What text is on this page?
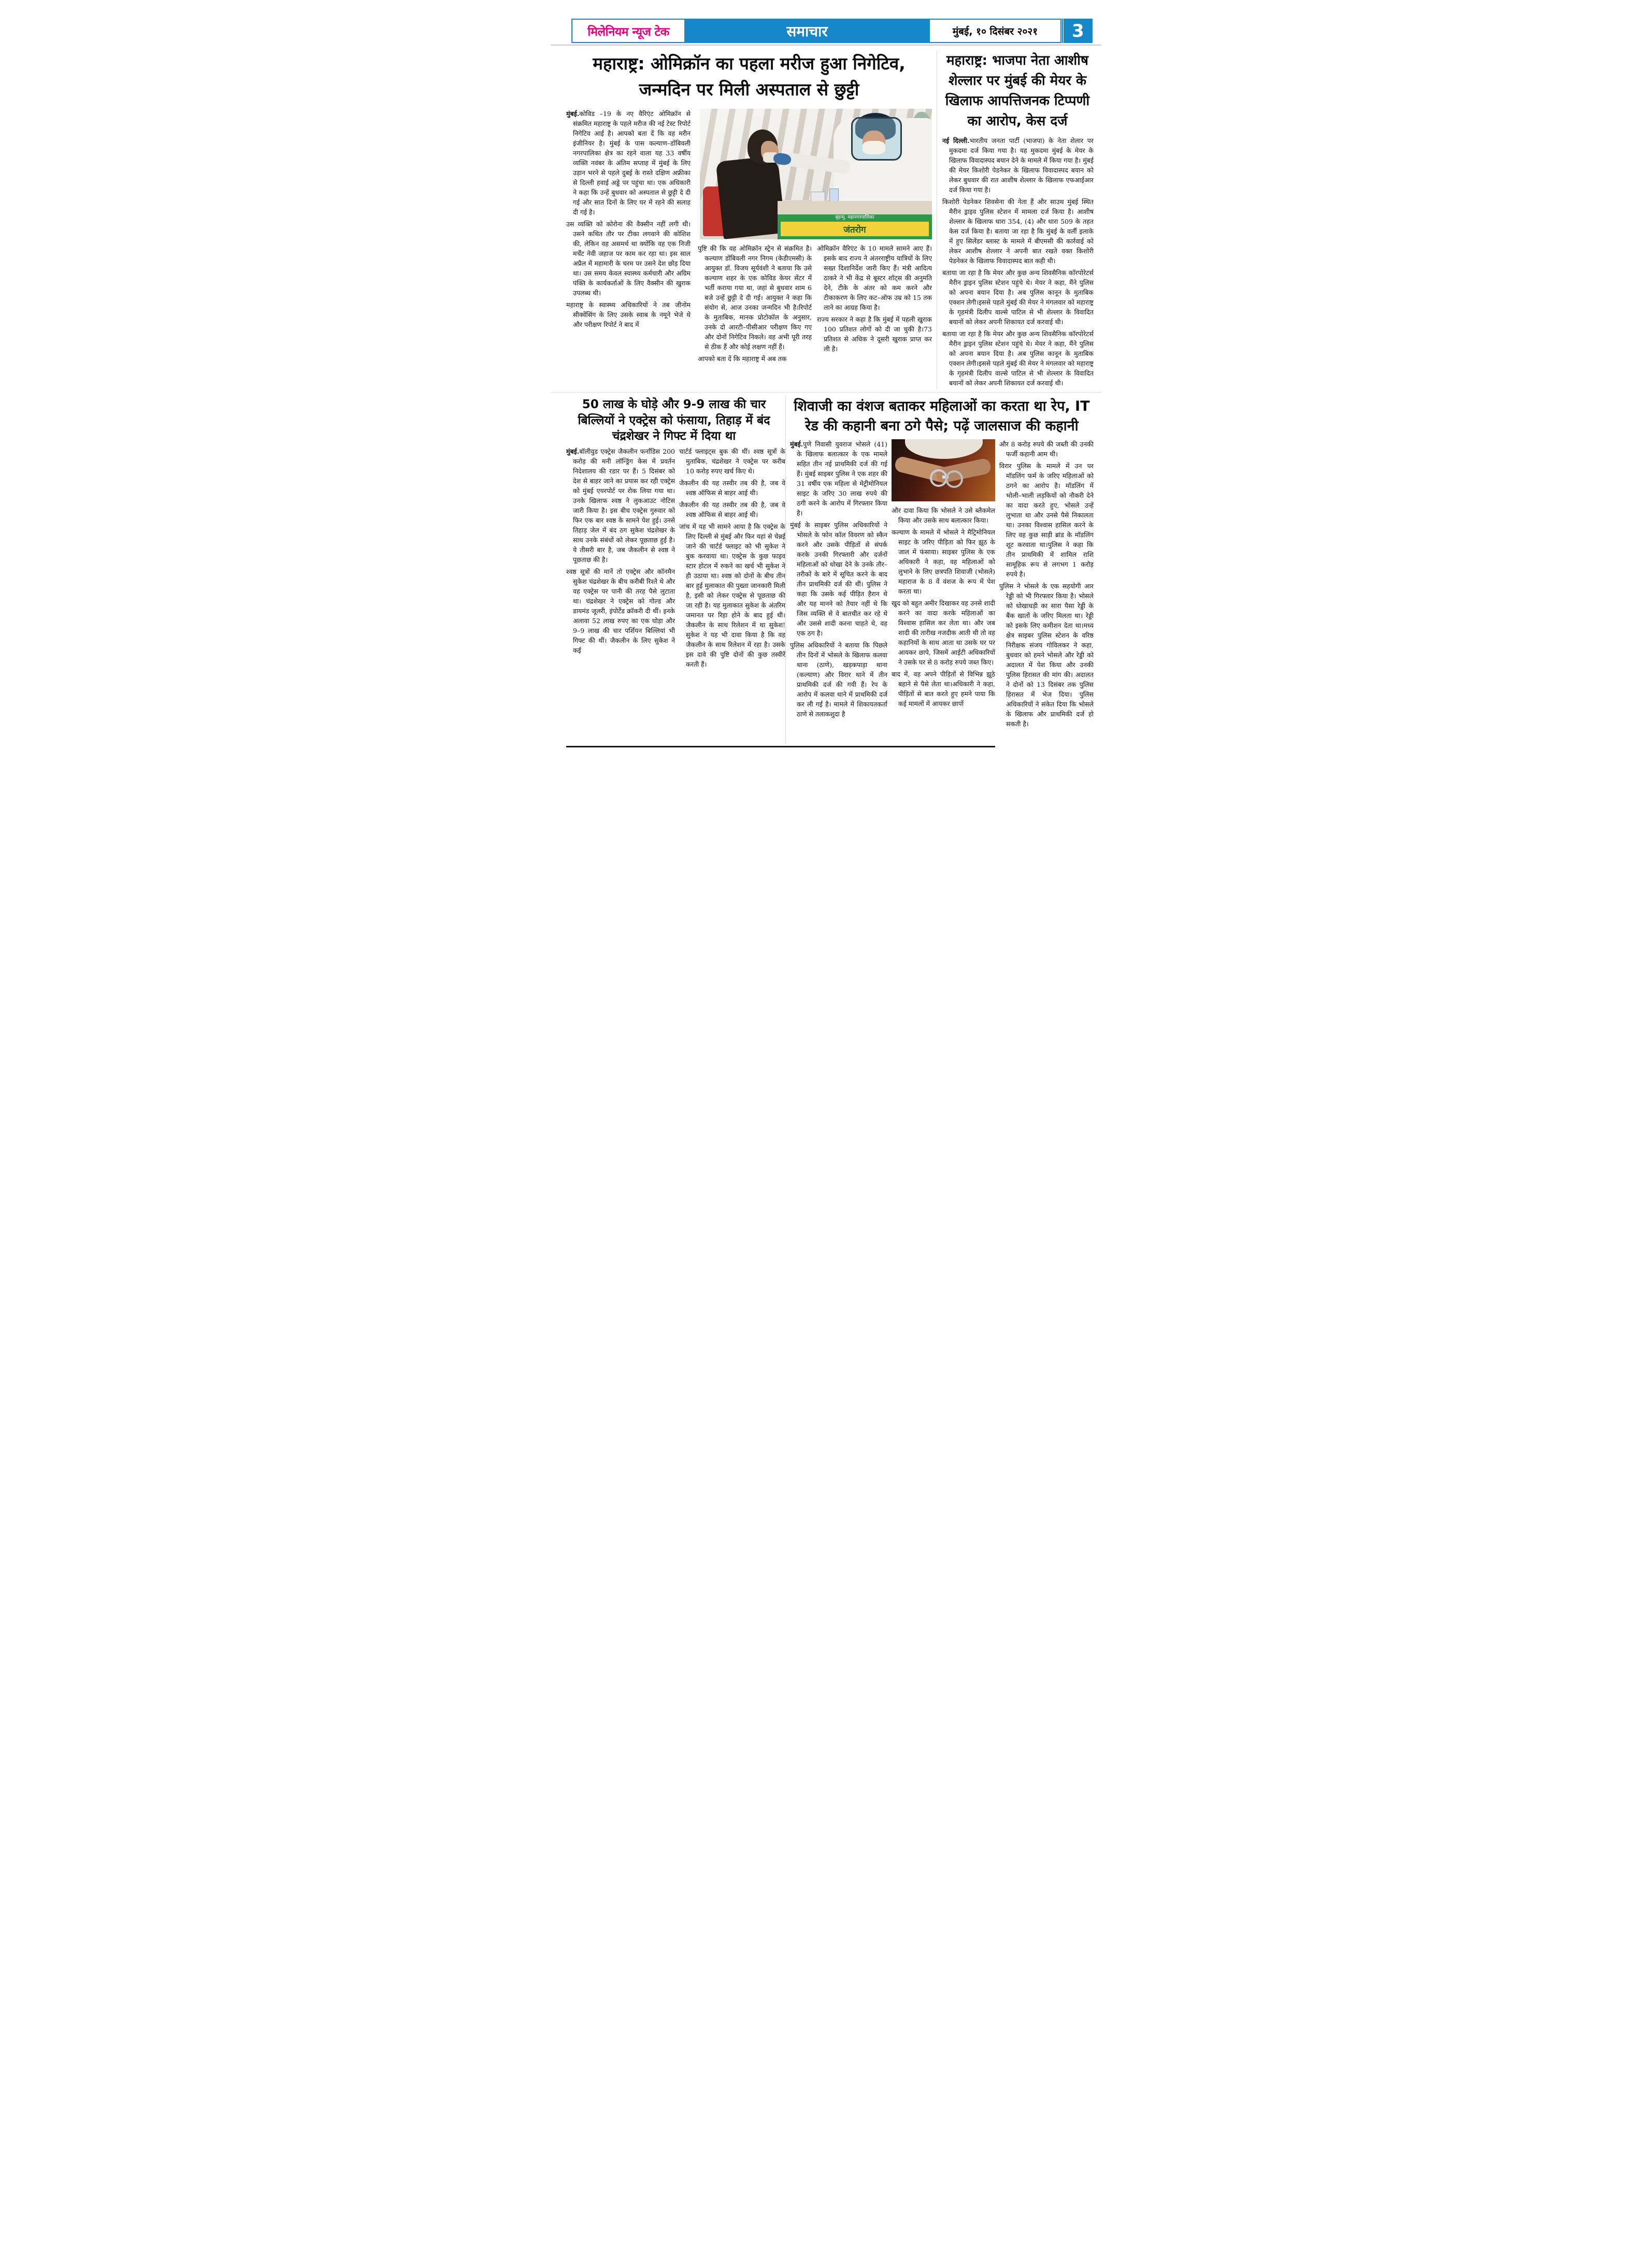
मिलेनियम न्यूज टेक	समाचार	मुंबई, १० दिसंबर २०२१ 3
महाराष्ट्र: ओमिक्रॉन का पहला मरीज हुआ निगेटिव, जन्मदिन पर मिली अस्पताल से छुट्टी
बृहन्मु. महानगरपालिका
जंतरोग

मुंबई.कोविड –19 के नए वैरिएंट ओमिक्रॉन से संक्रमित महाराष्ट्र के पहले मरीज की नई टेस्ट रिपोर्ट निगेटिव आई है। आपको बता दें कि वह मरीन इंजीनियर है। मुंबई के पास कल्याण–डोंबिवली नगरपालिका क्षेत्र का रहने वाला यह 33 वर्षीय व्यक्ति नवंबर के अंतिम सप्ताह में मुंबई के लिए उड़ान भरने से पहले दुबई के रास्ते दक्षिण अफ्रीका से दिल्ली हवाई अड्डे पर पहुंचा था। एक अधिकारी ने कहा कि उन्हें बुधवार को अस्पताल से छुट्टी दे दी गई और सात दिनों के लिए घर में रहने की सलाह दी गई है।

उस व्यक्ति को कोरोना की वैक्सीन नहीं लगी थी। उसने कथित तौर पर टीका लगवाने की कोशिश की, लेकिन वह असमर्थ था क्योंकि वह एक निजी मर्चेंट नेवी जहाज पर काम कर रहा था। इस साल अप्रैल में महामारी के चरम पर उसने देश छोड़ दिया था। उस समय केवल स्वास्थ्य कर्मचारी और अग्रिम पंक्ति के कार्यकर्ताओं के लिए वैक्सीन की खुराक उपलब्ध थी।

महाराष्ट्र के स्वास्थ्य अधिकारियों ने तब जीनोम सीक्वेंसिंग के लिए उसके स्वाब के नमूने भेजे थे और परीक्षण रिपोर्ट ने बाद में

पुष्टि की कि वह ओमिक्रॉन स्ट्रेन से संक्रमित है। कल्याण डोंबिवली नगर निगम (केडीएमसी) के आयुक्त डॉ. विजय सूर्यवंशी ने बताया कि उसे कल्याण शहर के एक कोविड केयर सेंटर में भर्ती कराया गया था, जहां से बुधवार शाम 6 बजे उन्हें छुट्टी दे दी गई। आयुक्त ने कहा कि संयोग से, आज उनका जन्मदिन भी है।रिपोर्ट के मुताबिक, मानक प्रोटोकॉल के अनुसार, उनके दो आरटी–पीसीआर परीक्षण किए गए और दोनों निगेटिव निकले। वह अभी पूरी तरह से ठीक हैं और कोई लक्षण नहीं हैं।

आपको बता दें कि महाराष्ट्र में अब तक

ओमिक्रॉन वैरिएंट के 10 मामले सामने आए हैं। इसके बाद राज्य ने अंतरराष्ट्रीय यात्रियों के लिए सख्त दिशानिर्देश जारी किए हैं। मंत्री आदित्य ठाकरे ने भी केंद्र से बूस्टर शॉट्स की अनुमति देने, टीके के अंतर को कम करने और टीकाकरण के लिए कट–ऑफ उम्र को 15 तक लाने का आग्रह किया है।

राज्य सरकार ने कहा है कि मुंबई में पहली खुराक 100 प्रतिशत लोगों को दी जा चुकी है।73 प्रतिशत से अधिक ने दूसरी खुराक प्राप्त कर ली है।

महाराष्ट्र: भाजपा नेता आशीष शेल्लार पर मुंबई की मेयर के खिलाफ आपत्तिजनक टिप्पणी का आरोप, केस दर्ज

नई दिल्ली.भारतीय जनता पार्टी (भाजपा) के नेता शेलार पर मुकदमा दर्ज किया गया है। यह मुकदमा मुंबई के मेयर के खिलाफ विवादास्पद बयान देने के मामले में किया गया है। मुंबई की मेयर किशोरी पेडनेकर के खिलाफ विवादास्पद बयान को लेकर बुधवार की रात आशीष शेल्लार के खिलाफ एफआईआर दर्ज किया गया है।

किशोरी पेडनेकर शिवसेना की नेता हैं और साउथ मुंबई स्थित मैरीन ड्राइव पुलिस स्टेशन में मामला दर्ज किया है। आशीष शेल्लार के खिलाफ धारा 354, (4) और धारा 509 के तहत केस दर्ज किया है। बताया जा रहा है कि मुंबई के वर्ली इलाके में हुए सिलेंडर ब्लास्ट के मामले में बीएमसी की कार्रवाई को लेकर आशीष शेल्लार ने अपनी बात रखते वक्त किशोरी पेडनेकर के खिलाफ विवादास्पद बात कही थी।

बताया जा रहा है कि मेयर और कुछ अन्य शिवसैनिक कॉरपोरेटर्स मैरीन ड्राइन पुलिस स्टेशन पहुंचे थे। मेयर ने कहा, मैंने पुलिस को अपना बयान दिया है। अब पुलिस कानून के मुताबिक एक्शन लेगी।इससे पहले मुंबई की मेयर ने मंगलवार को महाराष्ट्र के गृहमंत्री दिलीप वाल्से पाटिल से भी शेल्लार के विवादित बयानों को लेकर अपनी शिकायत दर्ज करवाई थी।

बताया जा रहा है कि मेयर और कुछ अन्य शिवसैनिक कॉरपोरेटर्स मैरीन ड्राइन पुलिस स्टेशन पहुंचे थे। मेयर ने कहा, मैंने पुलिस को अपना बयान दिया है। अब पुलिस कानून के मुताबिक एक्शन लेगी।इससे पहले मुंबई की मेयर ने मंगलवार को महाराष्ट्र के गृहमंत्री दिलीप वाल्से पाटिल से भी शेल्लार के विवादित बयानों को लेकर अपनी शिकायत दर्ज करवाई थी।

50 लाख के घोड़े और 9-9 लाख की चार बिल्लियों ने एक्ट्रेस को फंसाया, तिहाड़ में बंद चंद्रशेखर ने गिफ्ट में दिया था

मुंबई.बॉलीवुड एक्ट्रेस जैकलीन फर्नांडिस 200 करोड़ की मनी लॉन्ड्रिंग केस में प्रवर्तन निदेशालय की रडार पर हैं। 5 दिसंबर को देश से बाहर जाने का प्रयास कर रही एक्ट्रेस को मुंबई एयरपोर्ट पर रोक लिया गया था। उनके खिलाफ श्वष्ठ ने लुकआउट नोटिस जारी किया है। इस बीच एक्ट्रेस गुरुवार को फिर एक बार श्वष्ठ के सामने पेश हुई। उनसे तिहाड़ जेल में बंद ठग सुकेश चंद्रशेखर के साथ उनके संबंधों को लेकर पूछताछ हुई है। ये तीसरी बार है, जब जैकलीन से श्वष्ठ ने पूछताछ की है।

श्वष्ठ सूत्रों की मानें तो एक्ट्रेस और कॉनमैन सुकेश चंद्रशेखर के बीच करीबी रिश्ते थे और वह एक्ट्रेस पर पानी की तरह पैसे लुटाता था। चंद्रशेखर ने एक्ट्रेस को गोल्ड और डायमंड जूलरी, इंपोर्टेड क्रॉकरी दी थीं। इनके अलावा 52 लाख रुपए का एक घोड़ा और 9–9 लाख की चार पर्शियन बिल्लियां भी गिफ्ट की थीं। जैकलीन के लिए सुकेश ने कई

चार्टर्ड फ्लाइट्स बुक की थीं। श्वष्ठ सूत्रों के मुताबिक, चंद्रशेखर ने एक्ट्रेस पर करीब 10 करोड़ रुपए खर्च किए थे।

जैकलीन की यह तस्वीर तब की है, जब वे श्वष्ठ ऑफिस से बाहर आई थी।

जैकलीन की यह तस्वीर तब की है, जब वे श्वष्ठ ऑफिस से बाहर आई थी।

जांच में यह भी सामने आया है कि एक्ट्रेस के लिए दिल्ली से मुंबई और फिर यहां से चेन्नई जाने की चार्टर्ड फ्लाइट को भी सुकेश ने बुक करवाया था। एक्ट्रेस के कुछ फाइव स्टार होटल में रुकने का खर्च भी सुकेश ने ही उठाया था। श्वष्ठ को दोनों के बीच तीन बार हुई मुलाकात की पुख्ता जानकारी मिली है, इसी को लेकर एक्ट्रेस से पूछताछ की जा रही है। यह मुलाकात सुकेश के अंतरिम जमानत पर रिहा होने के बाद हुई थी।जैकलीन के साथ रिलेशन में था सुकेश!सुकेश ने यह भी दावा किया है कि वह जैकलीन के साथ रिलेशन में रहा है। उसके इस दावे की पुष्टि दोनों की कुछ तस्वीरें करती हैं।

शिवाजी का वंशज बताकर महिलाओं का करता था रेप, IT रेड की कहानी बना ठगे पैसे; पढ़ें जालसाज की कहानी

मुंबई.पुणे निवासी युवराज भोसले (41) के खिलाफ बलात्कार के एक मामले सहित तीन नई प्राथमिकी दर्ज की गई हैं। मुंबई साइबर पुलिस ने एक शहर की 31 वर्षीय एक महिला से मेट्रीमोनियल साइट के जरिए 30 लाख रुपये की ठगी करने के आरोप में गिरफ्तार किया है।

मुंबई के साइबर पुलिस अधिकारियों ने भोसले के फोन कॉल विवरण को स्कैन करने और उसके पीड़ितों से संपर्क करके उनकी गिरफ्तारी और दर्जनों महिलाओं को धोखा देने के उनके तौर–तरीकों के बारे में सूचित करने के बाद तीन प्राथमिकी दर्ज की थीं। पुलिस ने कहा कि उसके कई पीड़ित हैरान थे और यह मानने को तैयार नहीं थे कि जिस व्यक्ति से वे बातचीत कर रहे थे और उससे शादी करना चाहते थे, वह एक ठग है।

पुलिस अधिकारियों ने बताया कि पिछले तीन दिनों में भोसले के खिलाफ कलवा थाना (ठाणे), खड़कपाड़ा थाना (कल्याण) और विरार थाने में तीन प्राथमिकी दर्ज की गयी हैं। रेप के आरोप में कलवा थाने में प्राथमिकी दर्ज कर ली गई है। मामले में शिकायतकर्ता ठाणे से तलाकशुदा है

और दावा किया कि भोसले ने उसे ब्लैकमेल किया और उसके साथ बलात्कार किया।

कल्याण के मामले में भोसले ने मैट्रिमोनियल साइट के जरिए पीड़िता को फिर झूठ के जाल में फंसाया। साइबर पुलिस के एक अधिकारी ने कहा, वह महिलाओं को लुभाने के लिए छत्रपति शिवाजी (भोसले) महाराज के 8 वें वंशज के रूप में पेश करता था।

खुद को बहुत अमीर दिखाकर वह उनसे शादी करने का वादा करके महिलाओं का विश्वास हासिल कर लेता था। और जब शादी की तारीख नजदीक आती थी तो वह कहानियों के साथ आता था उसके घर पर आयकर छापे, जिसमें आईटी अधिकारियों ने उसके घर से 8 करोड़ रुपये जब्त किए।

बाद में, वह अपने पीड़ितों से विभिन्न झूठे बहाने से पैसे लेता था।अधिकारी ने कहा, पीड़ितों से बात करते हुए हमने पाया कि कई मामलों में आयकर छापों

और 8 करोड़ रुपये की जब्ती की उनकी फर्जी कहानी आम थी।

विरार पुलिस के मामले में उन पर मॉडलिंग फर्म के जरिए महिलाओं को ठगने का आरोप है। मॉडलिंग में भोली–भाली लड़कियों को नौकरी देने का वादा करते हुए, भोसले उन्हें लुभाता था और उनसे पैसे निकालता था। उनका विश्वास हासिल करने के लिए वह कुछ साड़ी ब्रांड के मॉडलिंग शूट करवाता था।पुलिस ने कहा कि तीन प्राथमिकी में शामिल राशि सामूहिक रूप से लगभग 1 करोड़ रुपये है।

पुलिस ने भोसले के एक सहयोगी आर रेड्डी को भी गिरफ्तार किया है। भोसले को धोखाधड़ी का सारा पैसा रेड्डी के बैंक खातों के जरिए मिलता था। रेड्डी को इसके लिए कमीशन देता था।मध्य क्षेत्र साइबर पुलिस स्टेशन के वरिष्ठ निरीक्षक संजय गोविलकर ने कहा, बुधवार को हमने भोसले और रेड्डी को अदालत में पेश किया और उनकी पुलिस हिरासत की मांग की। अदालत ने दोनों को 13 दिसंबर तक पुलिस हिरासत में भेज दिया। पुलिस अधिकारियों ने संकेत दिया कि भोसले के खिलाफ और प्राथमिकी दर्ज हो सकती है।
